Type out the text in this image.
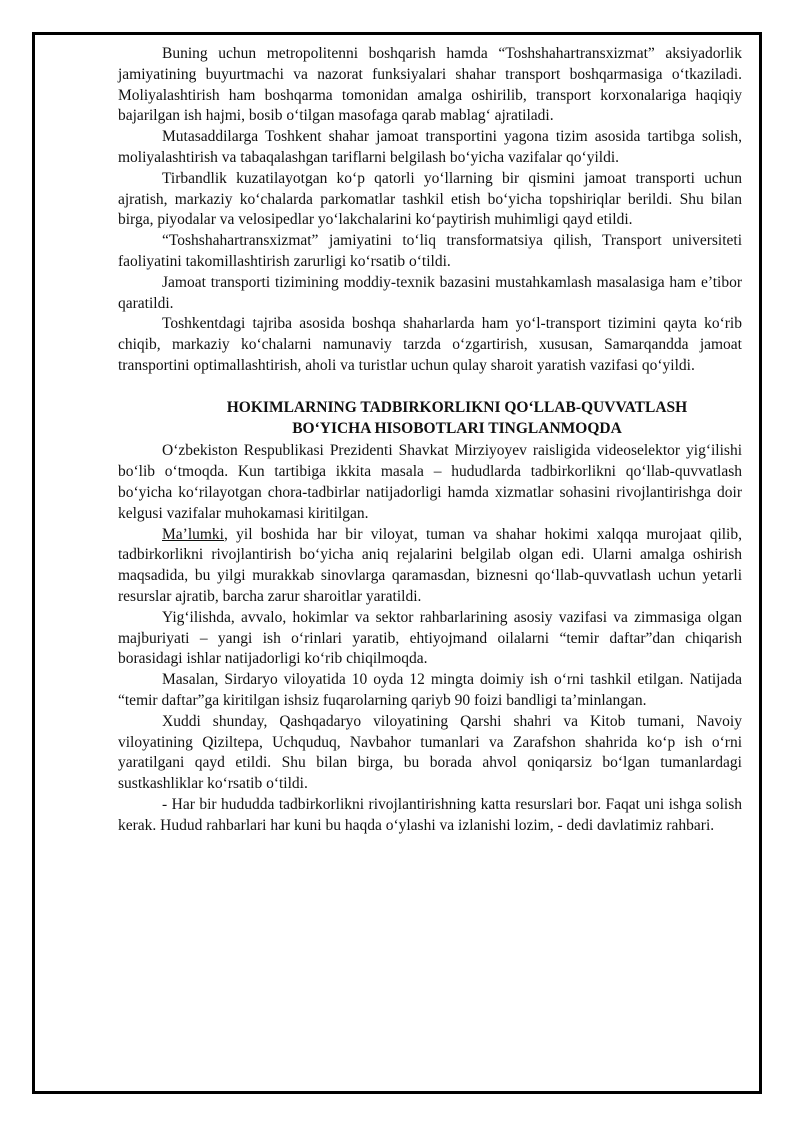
Buning uchun metropolitenni boshqarish hamda “Toshshahartransxizmat” aksiyadorlik jamiyatining buyurtmachi va nazorat funksiyalari shahar transport boshqarmasiga o‘tkaziladi. Moliyalashtirish ham boshqarma tomonidan amalga oshirilib, transport korxonalariga haqiqiy bajarilgan ish hajmi, bosib o‘tilgan masofaga qarab mablag‘ ajratiladi.

Mutasaddilarga Toshkent shahar jamoat transportini yagona tizim asosida tartibga solish, moliyalashtirish va tabaqalashgan tariflarni belgilash bo‘yicha vazifalar qo‘yildi.

Tirbandlik kuzatilayotgan ko‘p qatorli yo‘llarning bir qismini jamoat transporti uchun ajratish, markaziy ko‘chalarda parkomatlar tashkil etish bo‘yicha topshiriqlar berildi. Shu bilan birga, piyodalar va velosipedlar yo‘lakchalarini ko‘paytirish muhimligi qayd etildi.

“Toshshahartransxizmat” jamiyatini to‘liq transformatsiya qilish, Transport universiteti faoliyatini takomillashtirish zarurligi ko‘rsatib o‘tildi.

Jamoat transporti tizimining moddiy-texnik bazasini mustahkamlash masalasiga ham e’tibor qaratildi.

Toshkentdagi tajriba asosida boshqa shaharlarda ham yo‘l-transport tizimini qayta ko‘rib chiqib, markaziy ko‘chalarni namunaviy tarzda o‘zgartirish, xususan, Samarqandda jamoat transportini optimallashtirish, aholi va turistlar uchun qulay sharoit yaratish vazifasi qo‘yildi.

HOKIMLARNING TADBIRKORLIKNI QO‘LLAB-QUVVATLASH
BO‘YICHA HISOBOTLARI TINGLANMOQDA

O‘zbekiston Respublikasi Prezidenti Shavkat Mirziyoyev raisligida videoselektor yig‘ilishi bo‘lib o‘tmoqda. Kun tartibiga ikkita masala – hududlarda tadbirkorlikni qo‘llab-quvvatlash bo‘yicha ko‘rilayotgan chora-tadbirlar natijadorligi hamda xizmatlar sohasini rivojlantirishga doir kelgusi vazifalar muhokamasi kiritilgan.

Ma’lumki, yil boshida har bir viloyat, tuman va shahar hokimi xalqqa murojaat qilib, tadbirkorlikni rivojlantirish bo‘yicha aniq rejalarini belgilab olgan edi. Ularni amalga oshirish maqsadida, bu yilgi murakkab sinovlarga qaramasdan, biznesni qo‘llab-quvvatlash uchun yetarli resurslar ajratib, barcha zarur sharoitlar yaratildi.

Yig‘ilishda, avvalo, hokimlar va sektor rahbarlarining asosiy vazifasi va zimmasiga olgan majburiyati – yangi ish o‘rinlari yaratib, ehtiyojmand oilalarni “temir daftar”dan chiqarish borasidagi ishlar natijadorligi ko‘rib chiqilmoqda.

Masalan, Sirdaryo viloyatida 10 oyda 12 mingta doimiy ish o‘rni tashkil etilgan. Natijada “temir daftar”ga kiritilgan ishsiz fuqarolarning qariyb 90 foizi bandligi ta’minlangan.

Xuddi shunday, Qashqadaryo viloyatining Qarshi shahri va Kitob tumani, Navoiy viloyatining Qiziltepa, Uchquduq, Navbahor tumanlari va Zarafshon shahrida ko‘p ish o‘rni yaratilgani qayd etildi. Shu bilan birga, bu borada ahvol qoniqarsiz bo‘lgan tumanlardagi sustkashliklar ko‘rsatib o‘tildi.

- Har bir hududda tadbirkorlikni rivojlantirishning katta resurslari bor. Faqat uni ishga solish kerak. Hudud rahbarlari har kuni bu haqda o‘ylashi va izlanishi lozim, - dedi davlatimiz rahbari.
